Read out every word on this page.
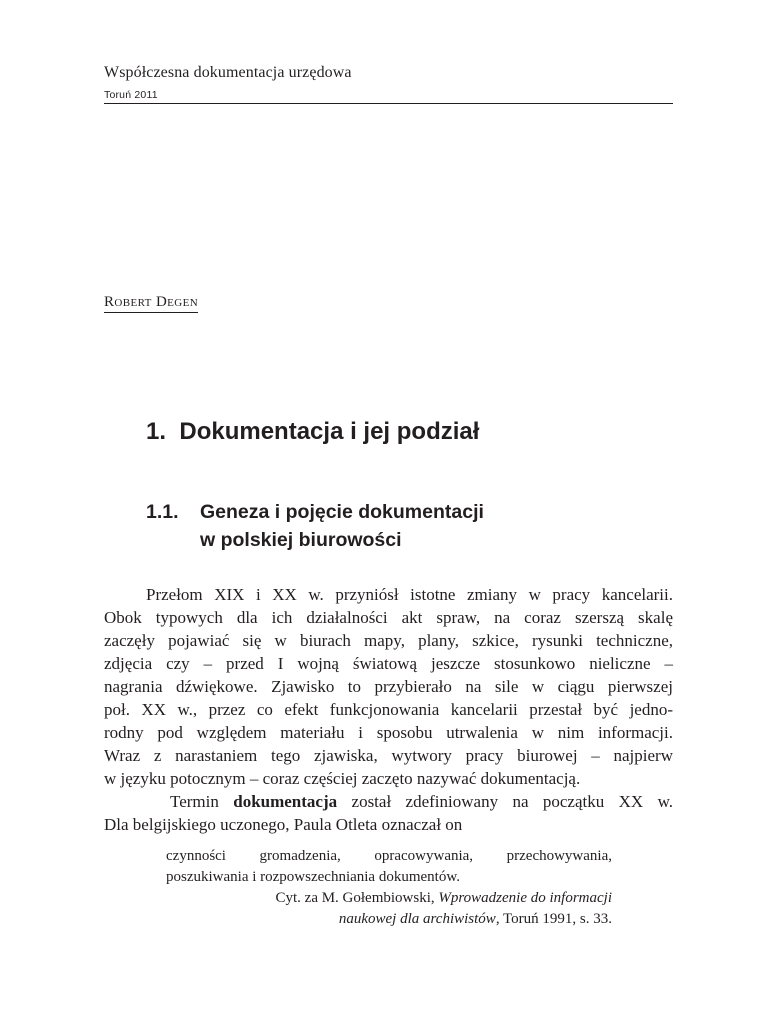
Współczesna dokumentacja urzędowa
Toruń 2011
Robert Degen
1. Dokumentacja i jej podział
1.1. Geneza i pojęcie dokumentacji
w polskiej biurowości
Przełom XIX i XX w. przyniósł istotne zmiany w pracy kancelarii.
Obok typowych dla ich działalności akt spraw, na coraz szerszą skalę
zaczęły pojawiać się w biurach mapy, plany, szkice, rysunki techniczne,
zdjęcia czy – przed I wojną światową jeszcze stosunkowo nieliczne –
nagrania dźwiękowe. Zjawisko to przybierało na sile w ciągu pierwszej
poł. XX w., przez co efekt funkcjonowania kancelarii przestał być jedno-
rodny pod względem materiału i sposobu utrwalenia w nim informacji.
Wraz z narastaniem tego zjawiska, wytwory pracy biurowej – najpierw
w języku potocznym – coraz częściej zaczęto nazywać dokumentacją.
Termin dokumentacja został zdefiniowany na początku XX w.
Dla belgijskiego uczonego, Paula Otleta oznaczał on
czynności gromadzenia, opracowywania, przechowywania,
poszukiwania i rozpowszechniania dokumentów.
Cyt. za M. Gołembiowski, Wprowadzenie do informacji
naukowej dla archiwistów, Toruń 1991, s. 33.
